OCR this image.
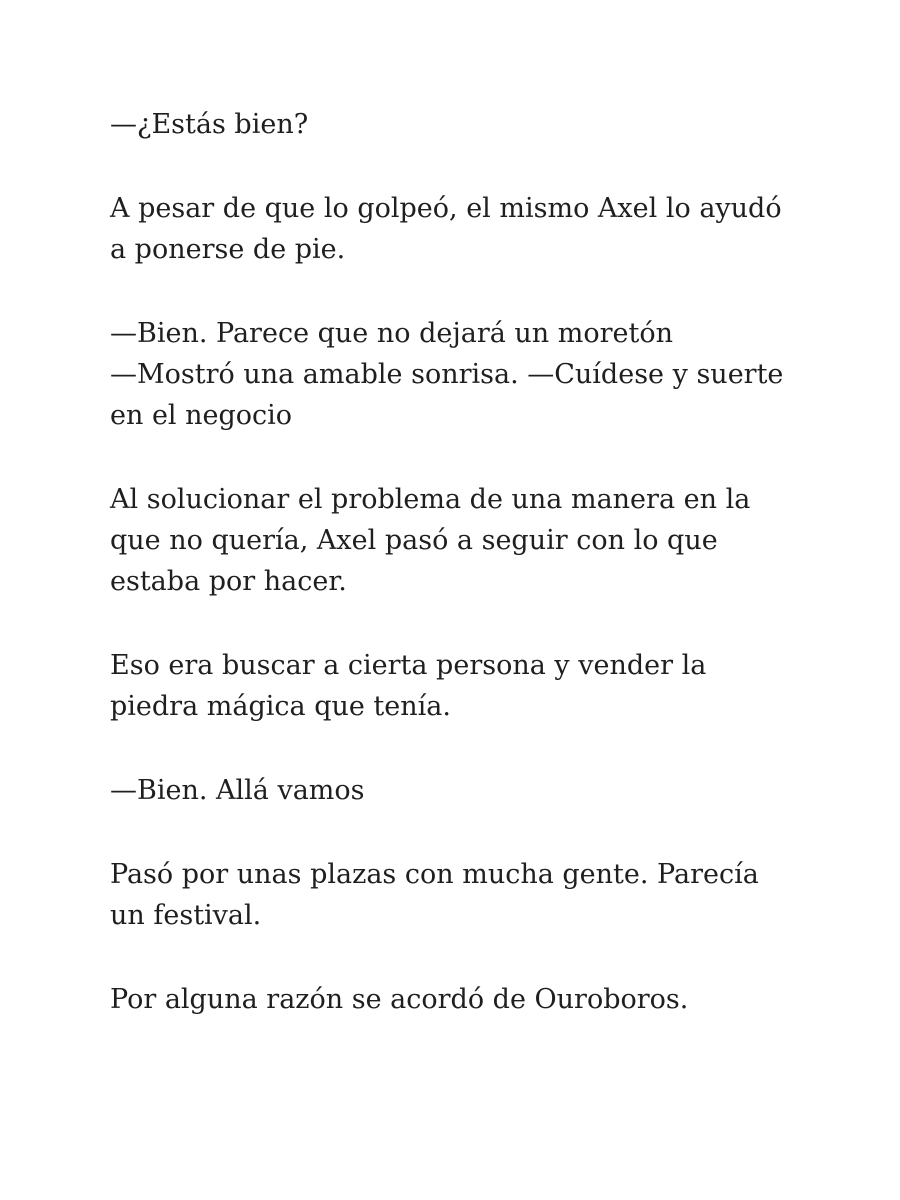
—¿Estás bien?

A pesar de que lo golpeó, el mismo Axel lo ayudó
a ponerse de pie.

—Bien. Parece que no dejará un moretón
—Mostró una amable sonrisa. —Cuídese y suerte
en el negocio

Al solucionar el problema de una manera en la
que no quería, Axel pasó a seguir con lo que
estaba por hacer.

Eso era buscar a cierta persona y vender la
piedra mágica que tenía.

—Bien. Allá vamos

Pasó por unas plazas con mucha gente. Parecía
un festival.

Por alguna razón se acordó de Ouroboros.
